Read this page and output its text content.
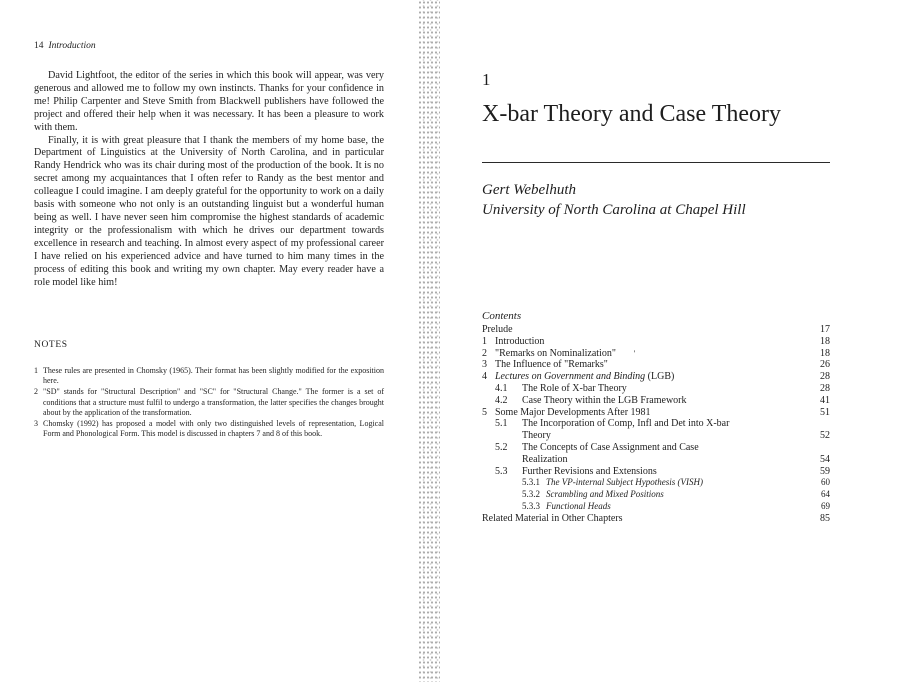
14 Introduction

David Lightfoot, the editor of the series in which this book will appear, was very generous and allowed me to follow my own instincts. Thanks for your confidence in me! Philip Carpenter and Steve Smith from Blackwell publishers have followed the project and offered their help when it was necessary. It has been a pleasure to work with them.

Finally, it is with great pleasure that I thank the members of my home base, the Department of Linguistics at the University of North Carolina, and in particular Randy Hendrick who was its chair during most of the production of the book. It is no secret among my acquaintances that I often refer to Randy as the best mentor and colleague I could imagine. I am deeply grateful for the opportunity to work on a daily basis with someone who not only is an outstanding linguist but a wonderful human being as well. I have never seen him compromise the highest standards of academic integrity or the professionalism with which he drives our department towards excellence in research and teaching. In almost every aspect of my professional career I have relied on his experienced advice and have turned to him many times in the process of editing this book and writing my own chapter. May every reader have a role model like him!

NOTES
1 These rules are presented in Chomsky (1965). Their format has been slightly modified for the exposition here.
2 "SD" stands for "Structural Description" and "SC" for "Structural Change." The former is a set of conditions that a structure must fulfil to undergo a transformation, the latter specifies the changes brought about by the application of the transformation.
3 Chomsky (1992) has proposed a model with only two distinguished levels of representation, Logical Form and Phonological Form. This model is discussed in chapters 7 and 8 of this book.
1
X-bar Theory and Case Theory
Gert Webelhuth
University of North Carolina at Chapel Hill
Contents
Prelude	17
1 Introduction	18
2 "Remarks on Nominalization" '	18
3 The Influence of "Remarks"	26
4 Lectures on Government and Binding (LGB)	28
4.1 The Role of X-bar Theory	28
4.2 Case Theory within the LGB Framework	41
5 Some Major Developments After 1981	51
5.1 The Incorporation of Comp, Infl and Det into X-bar
Theory	52
5.2 The Concepts of Case Assignment and Case
Realization	54
5.3 Further Revisions and Extensions	59
5.3.1 The VP-internal Subject Hypothesis (VISH)	60
5.3.2 Scrambling and Mixed Positions	64
5.3.3 Functional Heads	69
Related Material in Other Chapters	85
